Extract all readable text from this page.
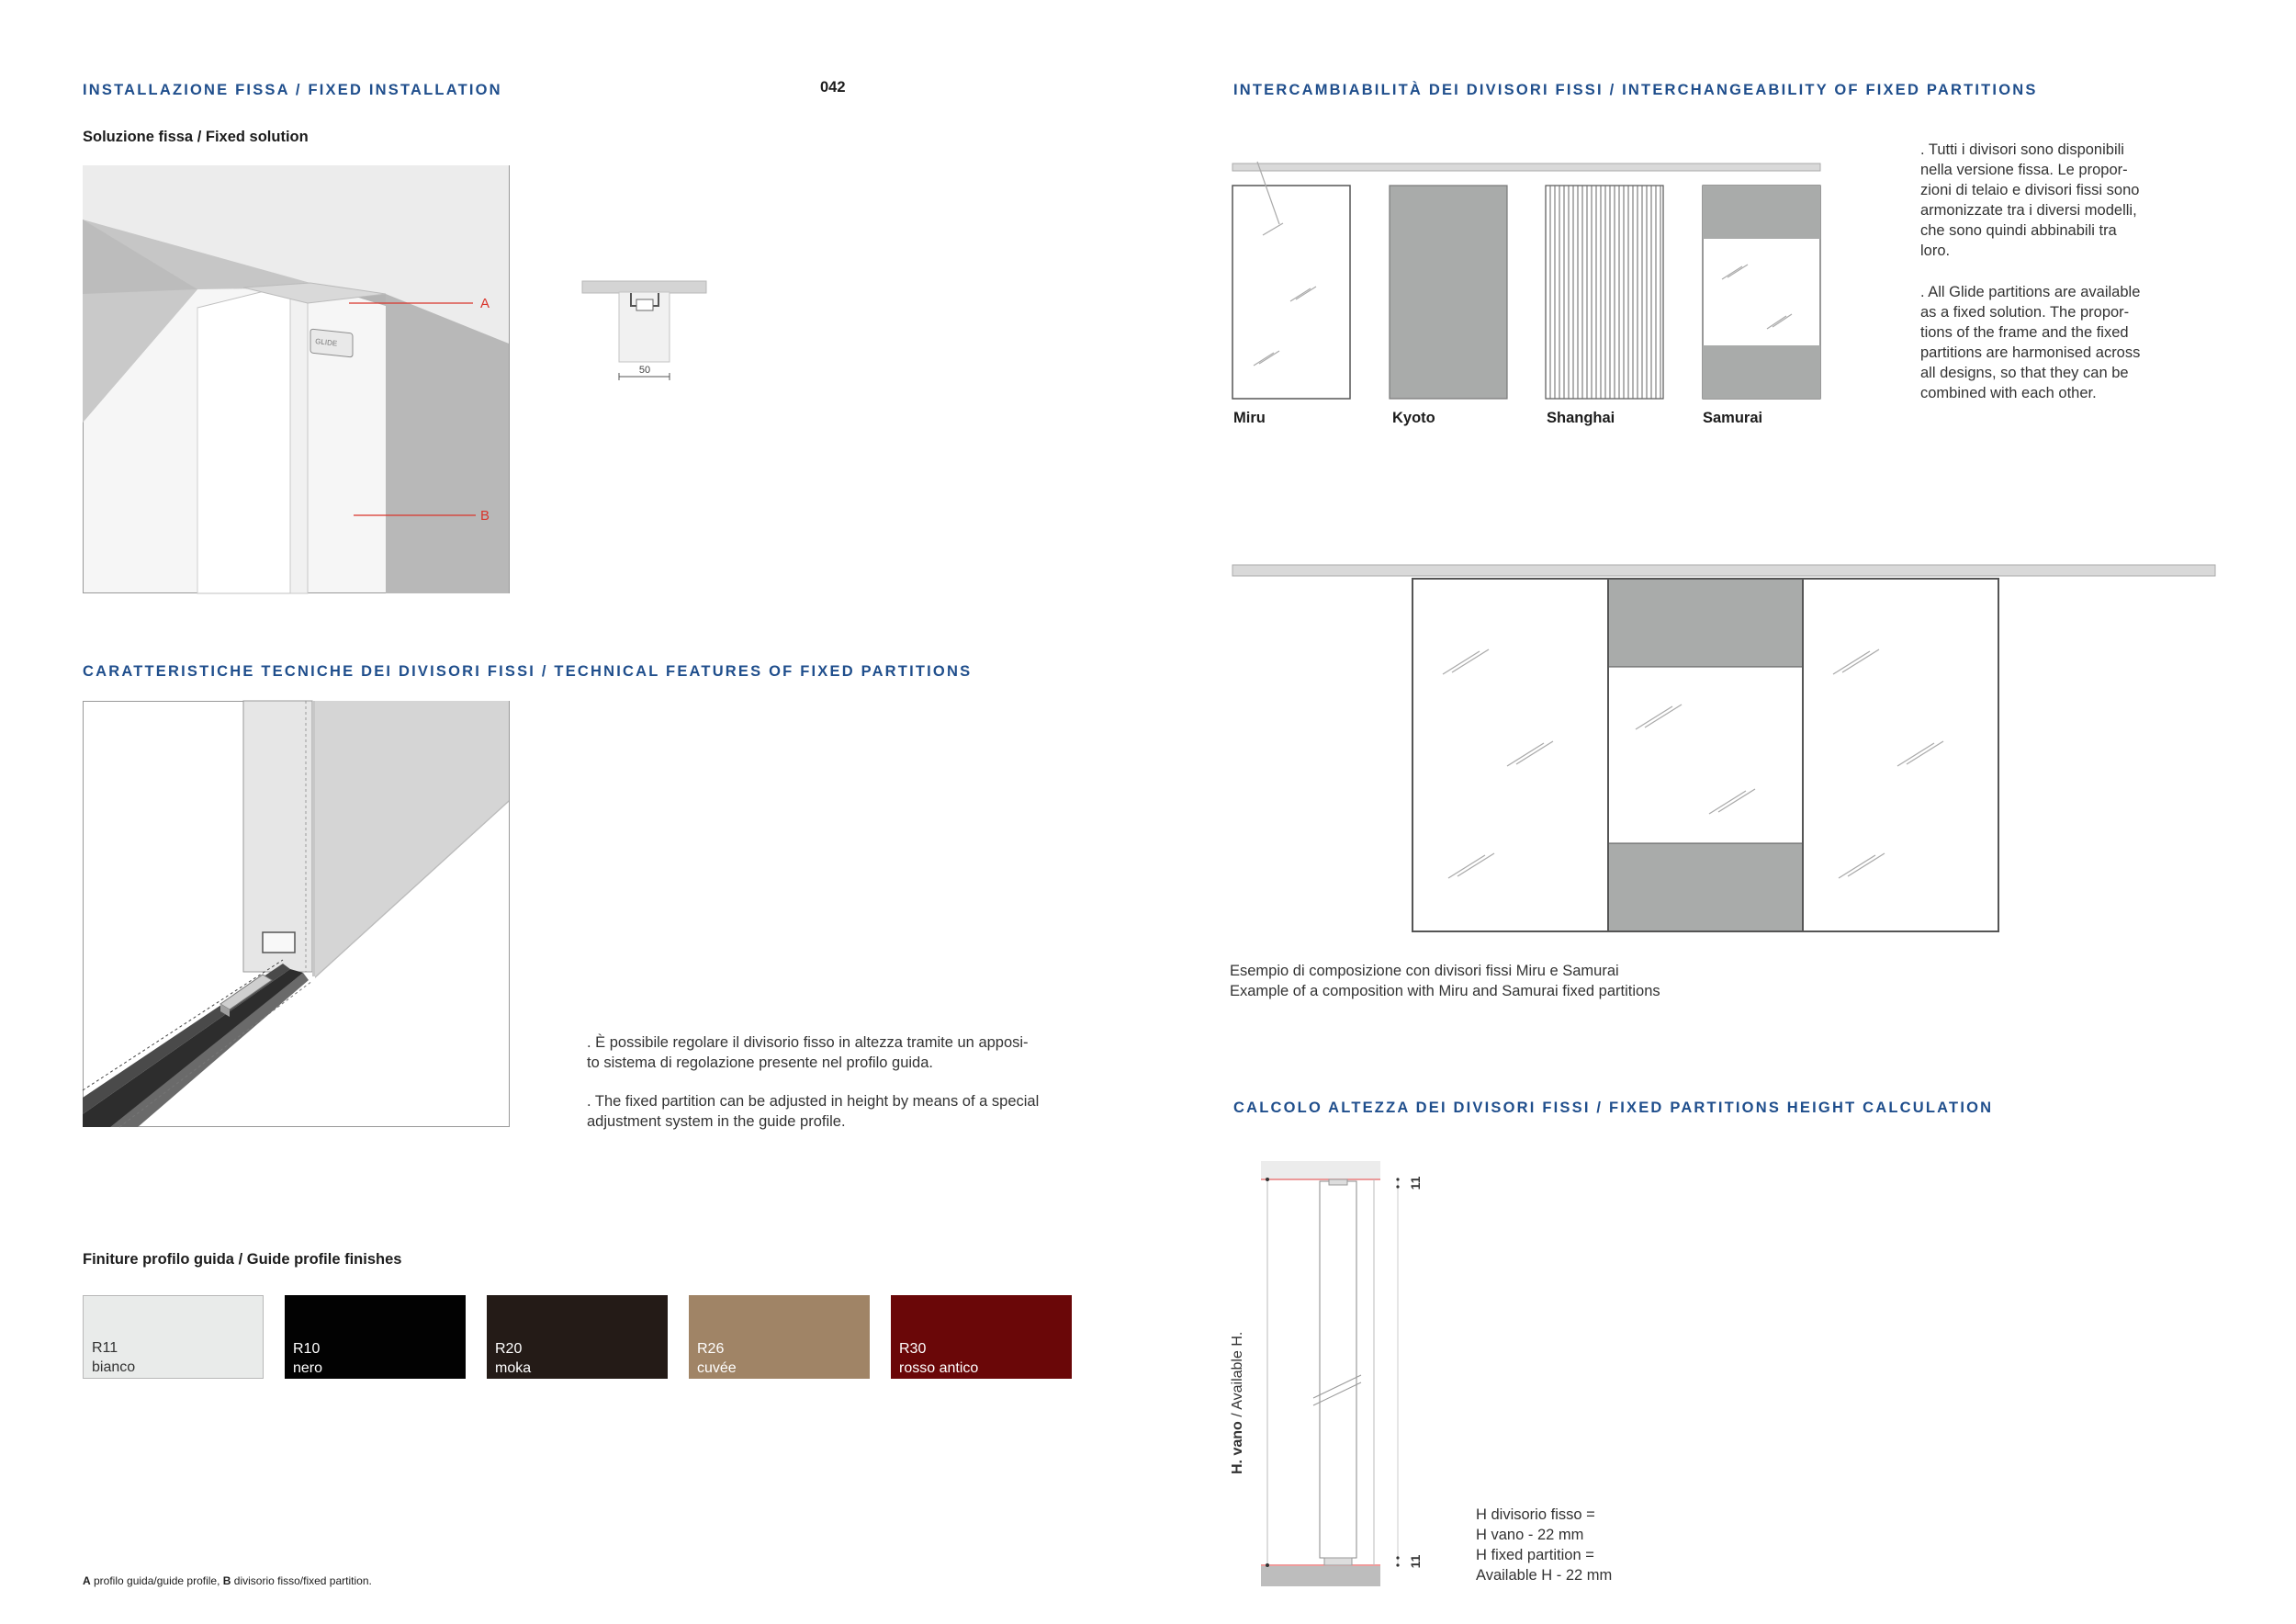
INSTALLAZIONE FISSA / FIXED INSTALLATION	042
Soluzione fissa / Fixed solution
GLIDE
A
B
50
CARATTERISTICHE TECNICHE DEI DIVISORI FISSI / TECHNICAL FEATURES OF FIXED PARTITIONS
. È possibile regolare il divisorio fisso in altezza tramite un apposi-
to sistema di regolazione presente nel profilo guida.
. The fixed partition can be adjusted in height by means of a special
adjustment system in the guide profile.
Finiture profilo guida / Guide profile finishes
R11
bianco
R10
nero
R20
moka
R26
cuvée
R30
rosso antico
A profilo guida/guide profile, B divisorio fisso/fixed partition.
INTERCAMBIABILITÀ DEI DIVISORI FISSI / INTERCHANGEABILITY OF FIXED PARTITIONS
Miru	Kyoto	Shanghai	Samurai
. Tutti i divisori sono disponibili
nella versione fissa. Le propor-
zioni di telaio e divisori fissi sono
armonizzate tra i diversi modelli,
che sono quindi abbinabili tra
loro.
. All Glide partitions are available
as a fixed solution. The propor-
tions of the frame and the fixed
partitions are harmonised across
all designs, so that they can be
combined with each other.
Esempio di composizione con divisori fissi Miru e Samurai
Example of a composition with Miru and Samurai fixed partitions
CALCOLO ALTEZZA DEI DIVISORI FISSI / FIXED PARTITIONS HEIGHT CALCULATION
11
11
H. vano / Available H.
H divisorio fisso =
H vano - 22 mm
H fixed partition =
Available H - 22 mm
